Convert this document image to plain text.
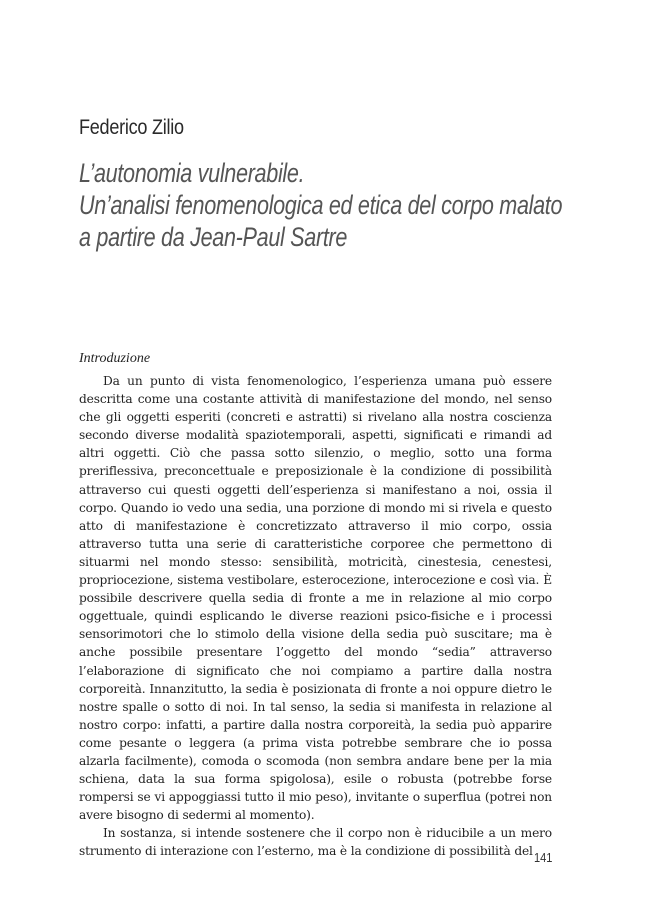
Federico Zilio
L’autonomia vulnerabile.
Un’analisi fenomenologica ed etica del corpo malato
a partire da Jean-Paul Sartre
Introduzione

Da un punto di vista fenomenologico, l’esperienza umana può essere descritta come una costante attività di manifestazione del mondo, nel senso che gli oggetti esperiti (concreti e astratti) si rivelano alla nostra coscienza secondo diverse modalità spaziotemporali, aspetti, significati e rimandi ad altri oggetti. Ciò che passa sotto silenzio, o meglio, sotto una forma preriflessiva, preconcettuale e preposizionale è la condizione di possibilità attraverso cui questi oggetti dell’esperienza si manifestano a noi, ossia il corpo. Quando io vedo una sedia, una porzione di mondo mi si rivela e questo atto di manifestazione è concretizzato attraverso il mio corpo, ossia attraverso tutta una serie di caratteristiche corporee che permettono di situarmi nel mondo stesso: sensibilità, motricità, cinestesia, cenestesi, propriocezione, sistema vestibolare, esterocezione, interocezione e così via. È possibile descrivere quella sedia di fronte a me in relazione al mio corpo oggettuale, quindi esplicando le diverse reazioni psico-fisiche e i processi sensorimotori che lo stimolo della visione della sedia può suscitare; ma è anche possibile presentare l’oggetto del mondo “sedia” attraverso l’elaborazione di significato che noi compiamo a partire dalla nostra corporeità. Innanzitutto, la sedia è posizionata di fronte a noi oppure dietro le nostre spalle o sotto di noi. In tal senso, la sedia si manifesta in relazione al nostro corpo: infatti, a partire dalla nostra corporeità, la sedia può apparire come pesante o leggera (a prima vista potrebbe sembrare che io possa alzarla facilmente), comoda o scomoda (non sembra andare bene per la mia schiena, data la sua forma spigolosa), esile o robusta (potrebbe forse rompersi se vi appoggiassi tutto il mio peso), invitante o superflua (potrei non avere bisogno di sedermi al momento).

In sostanza, si intende sostenere che il corpo non è riducibile a un mero strumento di interazione con l’esterno, ma è la condizione di possibilità del 141
